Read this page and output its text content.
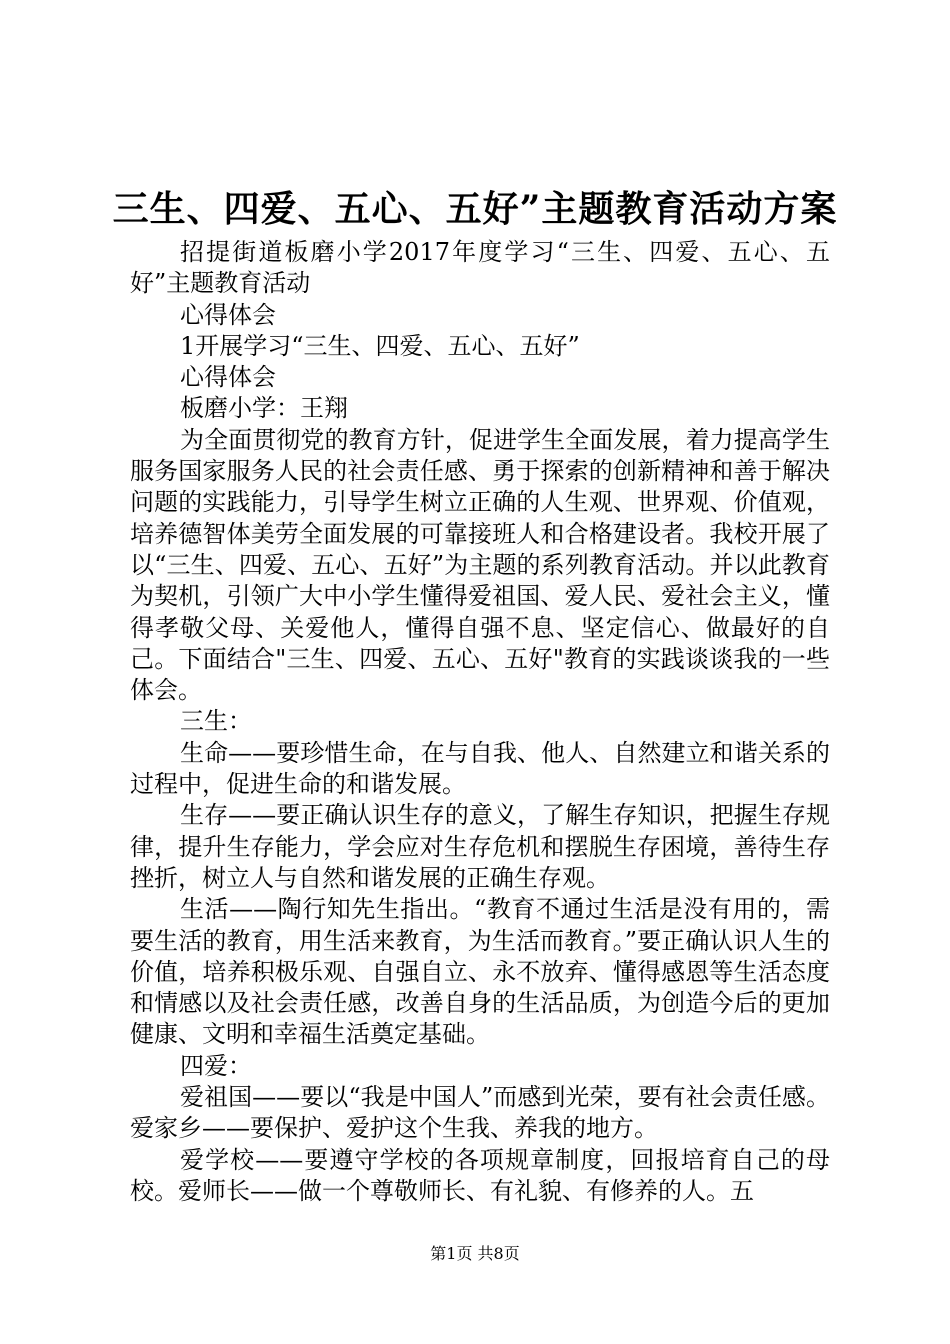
三生、四爱、五心、五好”主题教育活动方案

招提街道板磨小学2017年度学习“三生、四爱、五心、五好”主题教育活动

心得体会

1开展学习“三生、四爱、五心、五好”

心得体会

板磨小学：王翔

为全面贯彻党的教育方针，促进学生全面发展，着力提高学生服务国家服务人民的社会责任感、勇于探索的创新精神和善于解决问题的实践能力，引导学生树立正确的人生观、世界观、价值观，培养德智体美劳全面发展的可靠接班人和合格建设者。我校开展了以“三生、四爱、五心、五好”为主题的系列教育活动。并以此教育为契机，引领广大中小学生懂得爱祖国、爱人民、爱社会主义，懂得孝敬父母、关爱他人，懂得自强不息、坚定信心、做最好的自己。下面结合"三生、四爱、五心、五好"教育的实践谈谈我的一些体会。

三生：

生命——要珍惜生命，在与自我、他人、自然建立和谐关系的过程中，促进生命的和谐发展。

生存——要正确认识生存的意义，了解生存知识，把握生存规律，提升生存能力，学会应对生存危机和摆脱生存困境，善待生存挫折，树立人与自然和谐发展的正确生存观。

生活——陶行知先生指出。“教育不通过生活是没有用的，需要生活的教育，用生活来教育，为生活而教育。”要正确认识人生的价值，培养积极乐观、自强自立、永不放弃、懂得感恩等生活态度和情感以及社会责任感，改善自身的生活品质，为创造今后的更加健康、文明和幸福生活奠定基础。

四爱：

爱祖国——要以“我是中国人”而感到光荣，要有社会责任感。爱家乡——要保护、爱护这个生我、养我的地方。

爱学校——要遵守学校的各项规章制度，回报培育自己的母校。爱师长——做一个尊敬师长、有礼貌、有修养的人。五

第1页 共8页
